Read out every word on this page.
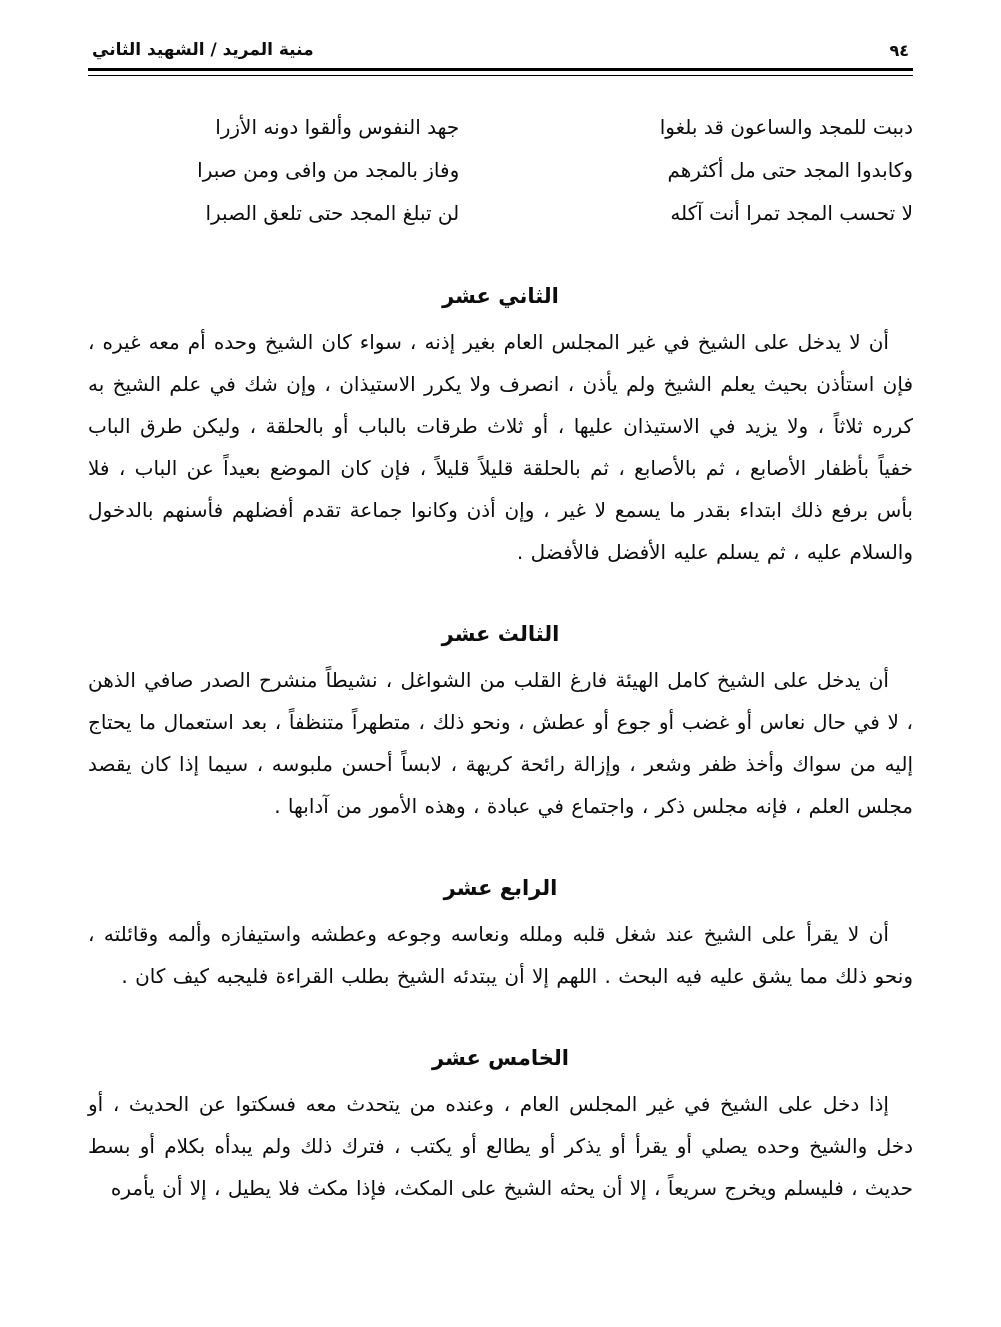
منية المريد / الشهيد الثاني	٩٤
دببت للمجد والساعون قد بلغوا
جهد النفوس وألقوا دونه الأزرا
وكابدوا المجد حتى مل أكثرهم
وفاز بالمجد من وافى ومن صبرا
لا تحسب المجد تمرا أنت آكله
لن تبلغ المجد حتى تلعق الصبرا
الثاني عشر

أن لا يدخل على الشيخ في غير المجلس العام بغير إذنه ، سواء كان الشيخ وحده أم معه غيره ، فإن استأذن بحيث يعلم الشيخ ولم يأذن ، انصرف ولا يكرر الاستيذان ، وإن شك في علم الشيخ به كرره ثلاثاً ، ولا يزيد في الاستيذان عليها ، أو ثلاث طرقات بالباب أو بالحلقة ، وليكن طرق الباب خفياً بأظفار الأصابع ، ثم بالأصابع ، ثم بالحلقة قليلاً قليلاً ، فإن كان الموضع بعيداً عن الباب ، فلا بأس برفع ذلك ابتداء بقدر ما يسمع لا غير ، وإن أذن وكانوا جماعة تقدم أفضلهم فأسنهم بالدخول والسلام عليه ، ثم يسلم عليه الأفضل فالأفضل .

الثالث عشر

أن يدخل على الشيخ كامل الهيئة فارغ القلب من الشواغل ، نشيطاً منشرح الصدر صافي الذهن ، لا في حال نعاس أو غضب أو جوع أو عطش ، ونحو ذلك ، متطهراً متنظفاً ، بعد استعمال ما يحتاج إليه من سواك وأخذ ظفر وشعر ، وإزالة رائحة كريهة ، لابساً أحسن ملبوسه ، سيما إذا كان يقصد مجلس العلم ، فإنه مجلس ذكر ، واجتماع في عبادة ، وهذه الأمور من آدابها .

الرابع عشر

أن لا يقرأ على الشيخ عند شغل قلبه وملله ونعاسه وجوعه وعطشه واستيفازه وألمه وقائلته ، ونحو ذلك مما يشق عليه فيه البحث . اللهم إلا أن يبتدئه الشيخ بطلب القراءة فليجبه كيف كان .

الخامس عشر

إذا دخل على الشيخ في غير المجلس العام ، وعنده من يتحدث معه فسكتوا عن الحديث ، أو دخل والشيخ وحده يصلي أو يقرأ أو يذكر أو يطالع أو يكتب ، فترك ذلك ولم يبدأه بكلام أو بسط حديث ، فليسلم ويخرج سريعاً ، إلا أن يحثه الشيخ على المكث، فإذا مكث فلا يطيل ، إلا أن يأمره
